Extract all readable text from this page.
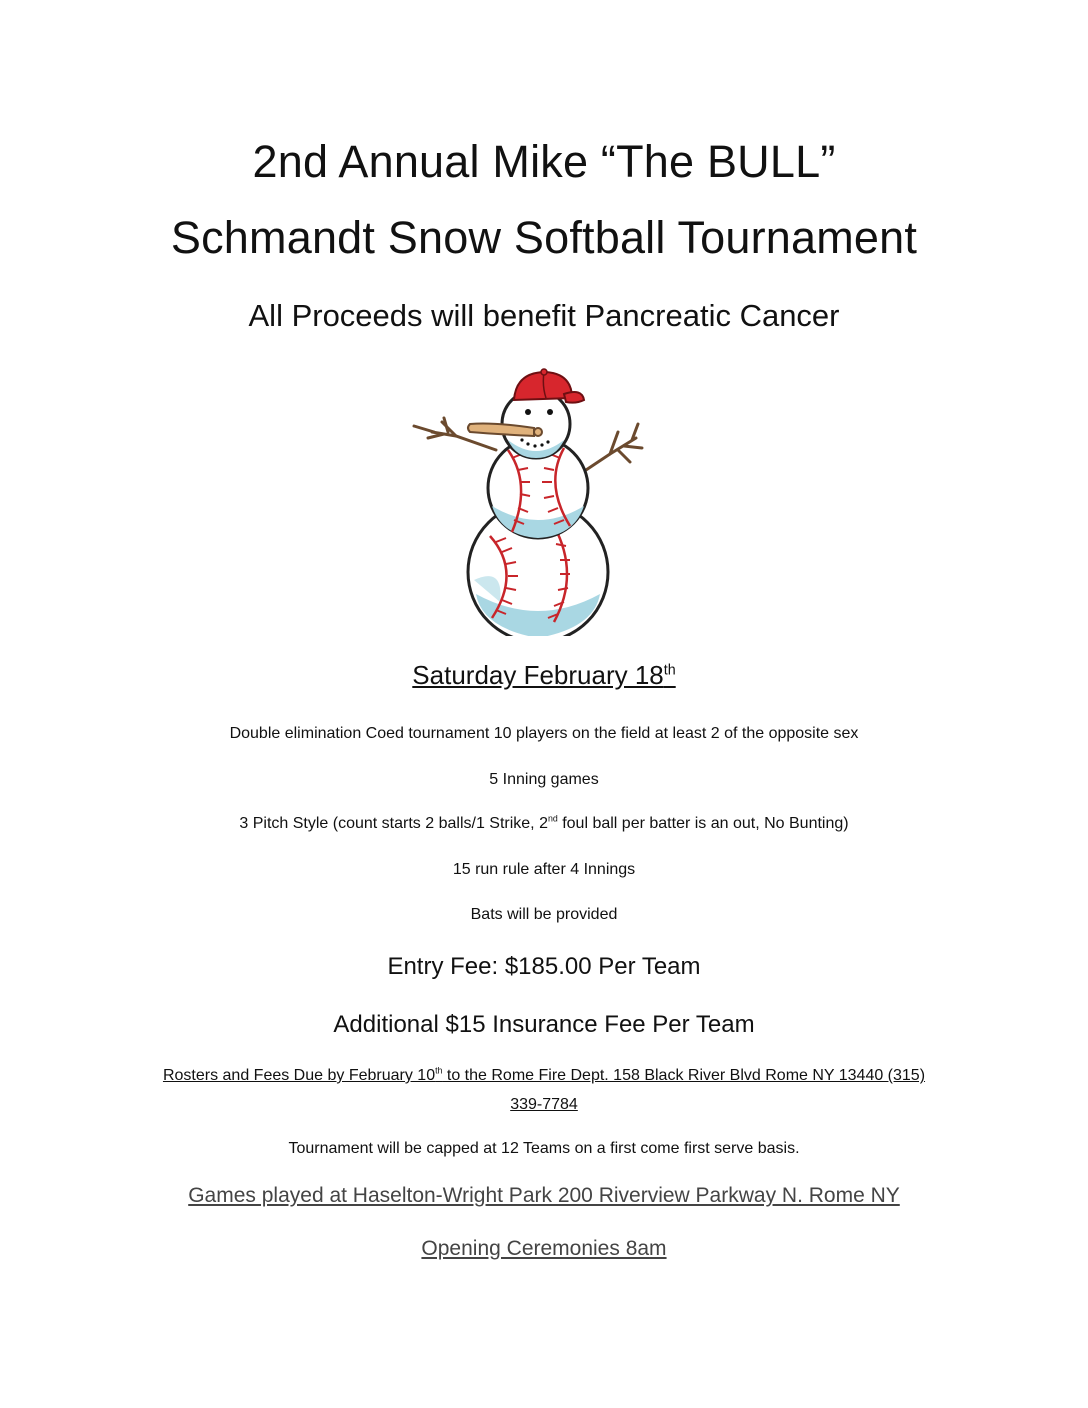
2nd Annual Mike “The BULL”
Schmandt Snow Softball Tournament
All Proceeds will benefit Pancreatic Cancer
Saturday February 18th
Double elimination Coed tournament 10 players on the field at least 2 of the opposite sex
5 Inning games
3 Pitch Style (count starts 2 balls/1 Strike, 2nd foul ball per batter is an out, No Bunting)
15 run rule after 4 Innings
Bats will be provided
Entry Fee: $185.00 Per Team
Additional $15 Insurance Fee Per Team
Rosters and Fees Due by February 10th to the Rome Fire Dept. 158 Black River Blvd Rome NY 13440 (315)
339-7784
Tournament will be capped at 12 Teams on a first come first serve basis.
Games played at Haselton-Wright Park 200 Riverview Parkway N. Rome NY
Opening Ceremonies 8am
